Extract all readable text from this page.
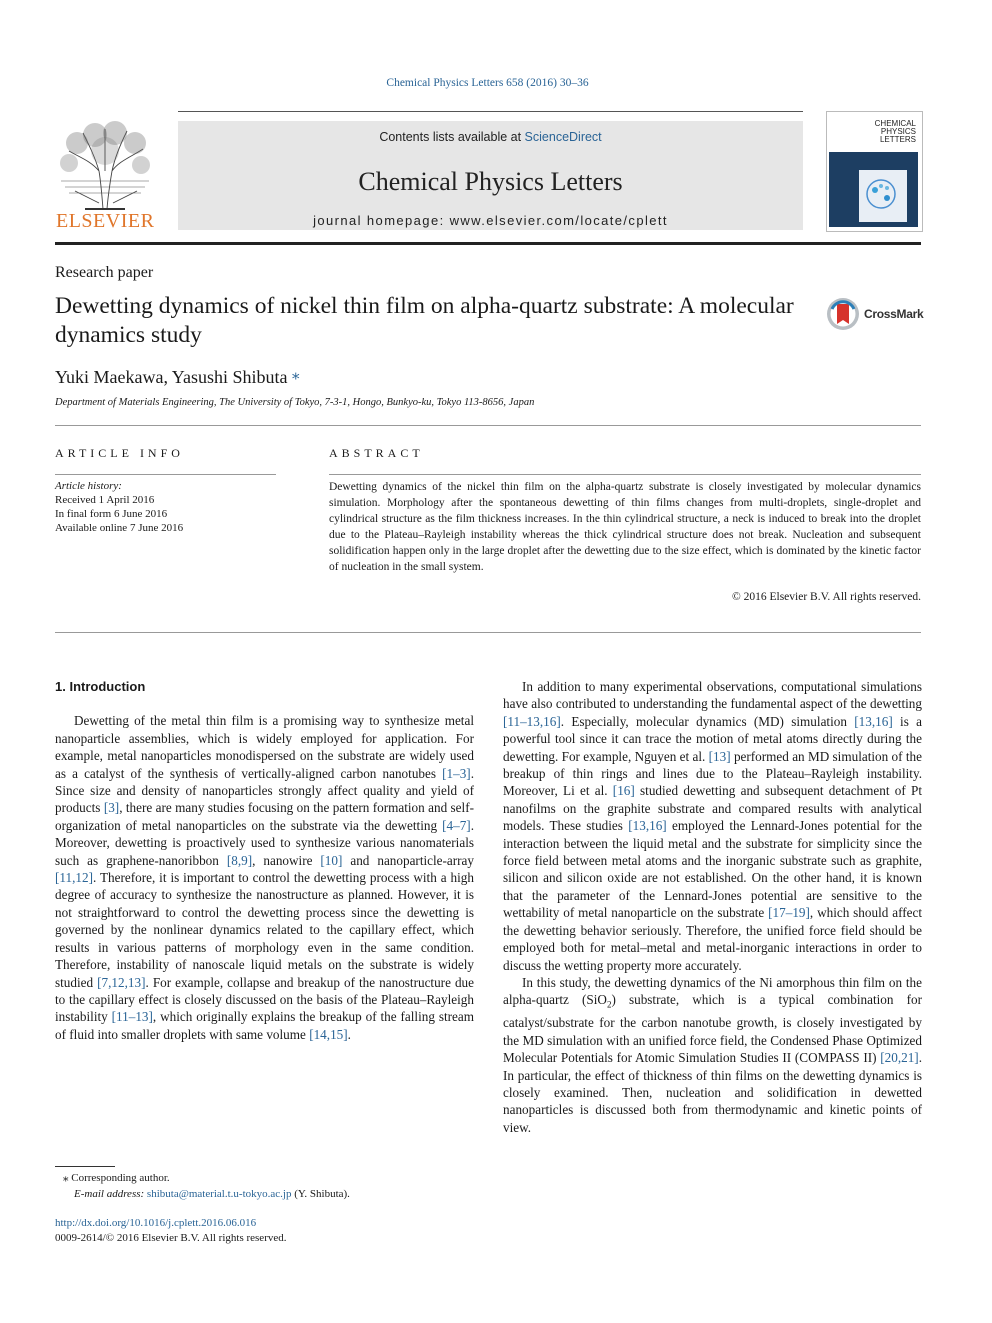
Chemical Physics Letters 658 (2016) 30–36
ELSEVIER
Contents lists available at ScienceDirect
Chemical Physics Letters
journal homepage: www.elsevier.com/locate/cplett
CHEMICAL
PHYSICS
LETTERS
Research paper
Dewetting dynamics of nickel thin film on alpha-quartz substrate: A molecular dynamics study
CrossMark
Yuki Maekawa, Yasushi Shibuta ⁎
Department of Materials Engineering, The University of Tokyo, 7-3-1, Hongo, Bunkyo-ku, Tokyo 113-8656, Japan
ARTICLE INFO
Article history:
Received 1 April 2016
In final form 6 June 2016
Available online 7 June 2016
ABSTRACT

Dewetting dynamics of the nickel thin film on the alpha-quartz substrate is closely investigated by molecular dynamics simulation. Morphology after the spontaneous dewetting of thin films changes from multi-droplets, single-droplet and cylindrical structure as the film thickness increases. In the thin cylindrical structure, a neck is induced to break into the droplet due to the Plateau–Rayleigh instability whereas the thick cylindrical structure does not break. Nucleation and subsequent solidification happen only in the large droplet after the dewetting due to the size effect, which is dominated by the kinetic factor of nucleation in the small system.

© 2016 Elsevier B.V. All rights reserved.
1. Introduction

Dewetting of the metal thin film is a promising way to synthesize metal nanoparticle assemblies, which is widely employed for application. For example, metal nanoparticles monodispersed on the substrate are widely used as a catalyst of the synthesis of vertically-aligned carbon nanotubes [1–3]. Since size and density of nanoparticles strongly affect quality and yield of products [3], there are many studies focusing on the pattern formation and self-organization of metal nanoparticles on the substrate via the dewetting [4–7]. Moreover, dewetting is proactively used to synthesize various nanomaterials such as graphene-nanoribbon [8,9], nanowire [10] and nanoparticle-array [11,12]. Therefore, it is important to control the dewetting process with a high degree of accuracy to synthesize the nanostructure as planned. However, it is not straightforward to control the dewetting process since the dewetting is governed by the nonlinear dynamics related to the capillary effect, which results in various patterns of morphology even in the same condition. Therefore, instability of nanoscale liquid metals on the substrate is widely studied [7,12,13]. For example, collapse and breakup of the nanostructure due to the capillary effect is closely discussed on the basis of the Plateau–Rayleigh instability [11–13], which originally explains the breakup of the falling stream of fluid into smaller droplets with same volume [14,15].

In addition to many experimental observations, computational simulations have also contributed to understanding the fundamental aspect of the dewetting [11–13,16]. Especially, molecular dynamics (MD) simulation [13,16] is a powerful tool since it can trace the motion of metal atoms directly during the dewetting. For example, Nguyen et al. [13] performed an MD simulation of the breakup of thin rings and lines due to the Plateau–Rayleigh instability. Moreover, Li et al. [16] studied dewetting and subsequent detachment of Pt nanofilms on the graphite substrate and compared results with analytical models. These studies [13,16] employed the Lennard-Jones potential for the interaction between the liquid metal and the substrate for simplicity since the force field between metal atoms and the inorganic substrate such as graphite, silicon and silicon oxide are not established. On the other hand, it is known that the parameter of the Lennard-Jones potential are sensitive to the wettability of metal nanoparticle on the substrate [17–19], which should affect the dewetting behavior seriously. Therefore, the unified force field should be employed both for metal–metal and metal-inorganic interactions in order to discuss the wetting property more accurately.

In this study, the dewetting dynamics of the Ni amorphous thin film on the alpha-quartz (SiO$_2$) substrate, which is a typical combination for catalyst/substrate for the carbon nanotube growth, is closely investigated by the MD simulation with an unified force field, the Condensed Phase Optimized Molecular Potentials for Atomic Simulation Studies II (COMPASS II) [20,21]. In particular, the effect of thickness of thin films on the dewetting dynamics is closely examined. Then, nucleation and solidification in dewetted nanoparticles is discussed both from thermodynamic and kinetic points of view.

⁎ Corresponding author.
E-mail address: shibuta@material.t.u-tokyo.ac.jp (Y. Shibuta).
http://dx.doi.org/10.1016/j.cplett.2016.06.016
0009-2614/© 2016 Elsevier B.V. All rights reserved.
